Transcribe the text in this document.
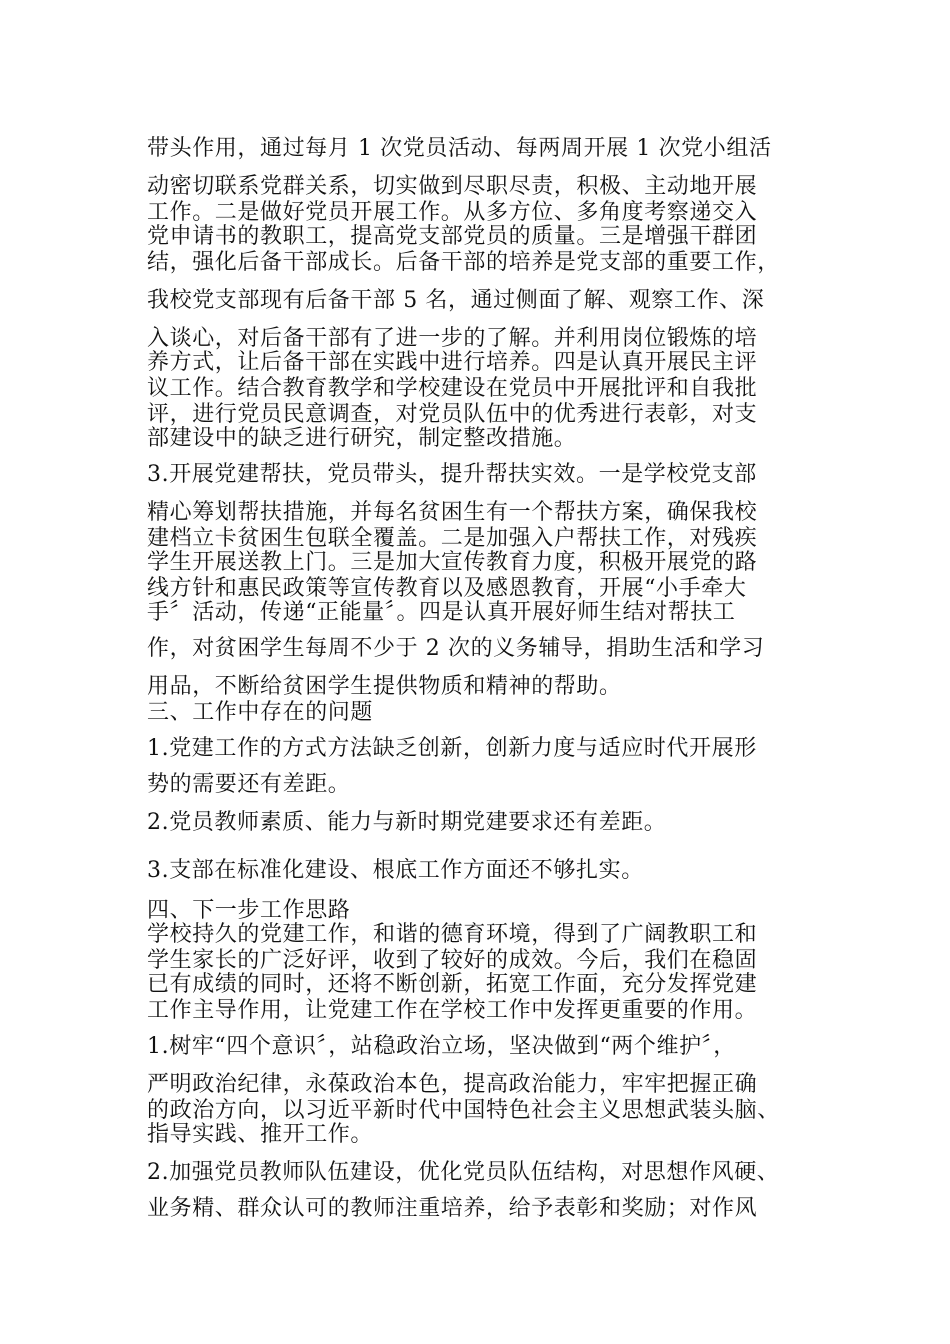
带头作用，通过每月 1 次党员活动、每两周开展 1 次党小组活

动密切联系党群关系，切实做到尽职尽责，积极、主动地开展

工作。二是做好党员开展工作。从多方位、多角度考察递交入

党申请书的教职工，提高党支部党员的质量。三是增强干群团

结，强化后备干部成长。后备干部的培养是党支部的重要工作，

我校党支部现有后备干部 5 名，通过侧面了解、观察工作、深

入谈心，对后备干部有了进一步的了解。并利用岗位锻炼的培

养方式，让后备干部在实践中进行培养。四是认真开展民主评

议工作。结合教育教学和学校建设在党员中开展批评和自我批

评，进行党员民意调查，对党员队伍中的优秀进行表彰，对支

部建设中的缺乏进行研究，制定整改措施。

3.开展党建帮扶，党员带头，提升帮扶实效。一是学校党支部

精心筹划帮扶措施，并每名贫困生有一个帮扶方案，确保我校

建档立卡贫困生包联全覆盖。二是加强入户帮扶工作，对残疾

学生开展送教上门。三是加大宣传教育力度，积极开展党的路

线方针和惠民政策等宣传教育以及感恩教育，开展“小手牵大

手〞活动，传递“正能量〞。四是认真开展好师生结对帮扶工

作，对贫困学生每周不少于 2 次的义务辅导，捐助生活和学习

用品，不断给贫困学生提供物质和精神的帮助。

三、工作中存在的问题

1.党建工作的方式方法缺乏创新，创新力度与适应时代开展形

势的需要还有差距。

2.党员教师素质、能力与新时期党建要求还有差距。

3.支部在标准化建设、根底工作方面还不够扎实。

四、下一步工作思路

学校持久的党建工作，和谐的德育环境，得到了广阔教职工和

学生家长的广泛好评，收到了较好的成效。今后，我们在稳固

已有成绩的同时，还将不断创新，拓宽工作面，充分发挥党建

工作主导作用，让党建工作在学校工作中发挥更重要的作用。

1.树牢“四个意识〞，站稳政治立场，坚决做到“两个维护〞，

严明政治纪律，永葆政治本色，提高政治能力，牢牢把握正确

的政治方向，以习近平新时代中国特色社会主义思想武装头脑、

指导实践、推开工作。

2.加强党员教师队伍建设，优化党员队伍结构，对思想作风硬、

业务精、群众认可的教师注重培养，给予表彰和奖励；对作风
